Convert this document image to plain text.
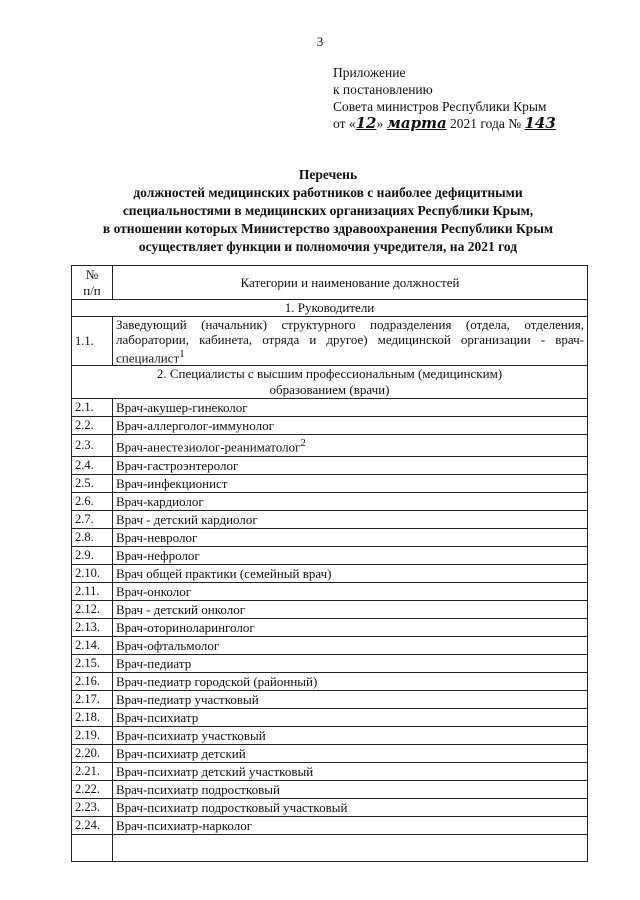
3
Приложение
к постановлению
Совета министров Республики Крым
от «12» марта 2021 года № 143
Перечень
должностей медицинских работников с наиболее дефицитными
специальностями в медицинских организациях Республики Крым,
в отношении которых Министерство здравоохранения Республики Крым
осуществляет функции и полномочия учредителя, на 2021 год
№
п/п	Категории и наименование должностей
1. Руководители	
1.1.	Заведующий (начальник) структурного подразделения (отдела, отделения, лаборатории, кабинета, отряда и другое) медицинской организации - врач-специалист$^1$
2. Специалисты с высшим профессиональным (медицинским)
образованием (врачи)	
2.1.	Врач-акушер-гинеколог
2.2.	Врач-аллерголог-иммунолог
2.3.	Врач-анестезиолог-реаниматолог$^2$
2.4.	Врач-гастроэнтеролог
2.5.	Врач-инфекционист
2.6.	Врач-кардиолог
2.7.	Врач - детский кардиолог
2.8.	Врач-невролог
2.9.	Врач-нефролог
2.10.	Врач общей практики (семейный врач)
2.11.	Врач-онколог
2.12.	Врач - детский онколог
2.13.	Врач-оториноларинголог
2.14.	Врач-офтальмолог
2.15.	Врач-педиатр
2.16.	Врач-педиатр городской (районный)
2.17.	Врач-педиатр участковый
2.18.	Врач-психиатр
2.19.	Врач-психиатр участковый
2.20.	Врач-психиатр детский
2.21.	Врач-психиатр детский участковый
2.22.	Врач-психиатр подростковый
2.23.	Врач-психиатр подростковый участковый
2.24.	Врач-психиатр-нарколог
